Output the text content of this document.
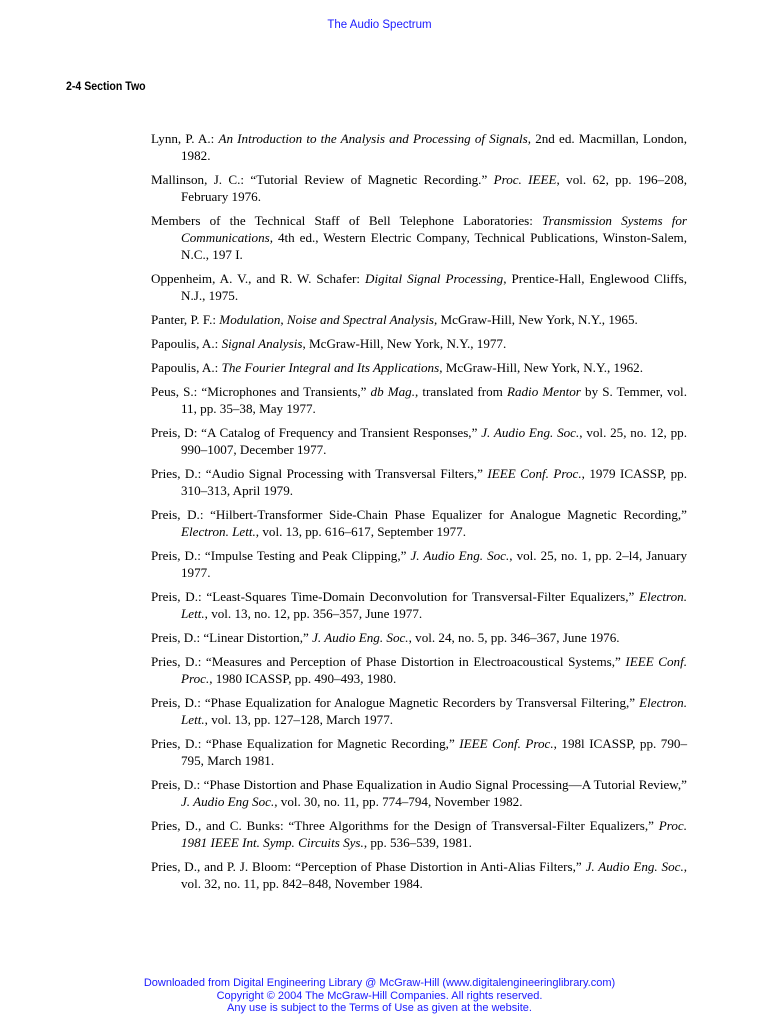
The Audio Spectrum
2-4 Section Two
Lynn, P. A.: An Introduction to the Analysis and Processing of Signals, 2nd ed. Macmillan, London, 1982.
Mallinson, J. C.: “Tutorial Review of Magnetic Recording.” Proc. IEEE, vol. 62, pp. 196–208, February 1976.
Members of the Technical Staff of Bell Telephone Laboratories: Transmission Systems for Communications, 4th ed., Western Electric Company, Technical Publications, Winston-Salem, N.C., 197 I.
Oppenheim, A. V., and R. W. Schafer: Digital Signal Processing, Prentice-Hall, Englewood Cliffs, N.J., 1975.
Panter, P. F.: Modulation, Noise and Spectral Analysis, McGraw-Hill, New York, N.Y., 1965.
Papoulis, A.: Signal Analysis, McGraw-Hill, New York, N.Y., 1977.
Papoulis, A.: The Fourier Integral and Its Applications, McGraw-Hill, New York, N.Y., 1962.
Peus, S.: “Microphones and Transients,” db Mag., translated from Radio Mentor by S. Temmer, vol. 11, pp. 35–38, May 1977.
Preis, D: “A Catalog of Frequency and Transient Responses,” J. Audio Eng. Soc., vol. 25, no. 12, pp. 990–1007, December 1977.
Pries, D.: “Audio Signal Processing with Transversal Filters,” IEEE Conf. Proc., 1979 ICASSP, pp. 310–313, April 1979.
Preis, D.: “Hilbert-Transformer Side-Chain Phase Equalizer for Analogue Magnetic Recording,” Electron. Lett., vol. 13, pp. 616–617, September 1977.
Preis, D.: “Impulse Testing and Peak Clipping,” J. Audio Eng. Soc., vol. 25, no. 1, pp. 2–l4, January 1977.
Preis, D.: “Least-Squares Time-Domain Deconvolution for Transversal-Filter Equalizers,” Electron. Lett., vol. 13, no. 12, pp. 356–357, June 1977.
Preis, D.: “Linear Distortion,” J. Audio Eng. Soc., vol. 24, no. 5, pp. 346–367, June 1976.
Pries, D.: “Measures and Perception of Phase Distortion in Electroacoustical Systems,” IEEE Conf. Proc., 1980 ICASSP, pp. 490–493, 1980.
Preis, D.: “Phase Equalization for Analogue Magnetic Recorders by Transversal Filtering,” Electron. Lett., vol. 13, pp. 127–128, March 1977.
Pries, D.: “Phase Equalization for Magnetic Recording,” IEEE Conf. Proc., 198l ICASSP, pp. 790–795, March 1981.
Preis, D.: “Phase Distortion and Phase Equalization in Audio Signal Processing—A Tutorial Review,” J. Audio Eng Soc., vol. 30, no. 11, pp. 774–794, November 1982.
Pries, D., and C. Bunks: “Three Algorithms for the Design of Transversal-Filter Equalizers,” Proc. 1981 IEEE Int. Symp. Circuits Sys., pp. 536–539, 1981.
Pries, D., and P. J. Bloom: “Perception of Phase Distortion in Anti-Alias Filters,” J. Audio Eng. Soc., vol. 32, no. 11, pp. 842–848, November 1984.
Downloaded from Digital Engineering Library @ McGraw-Hill (www.digitalengineeringlibrary.com)
Copyright © 2004 The McGraw-Hill Companies. All rights reserved.
Any use is subject to the Terms of Use as given at the website.
